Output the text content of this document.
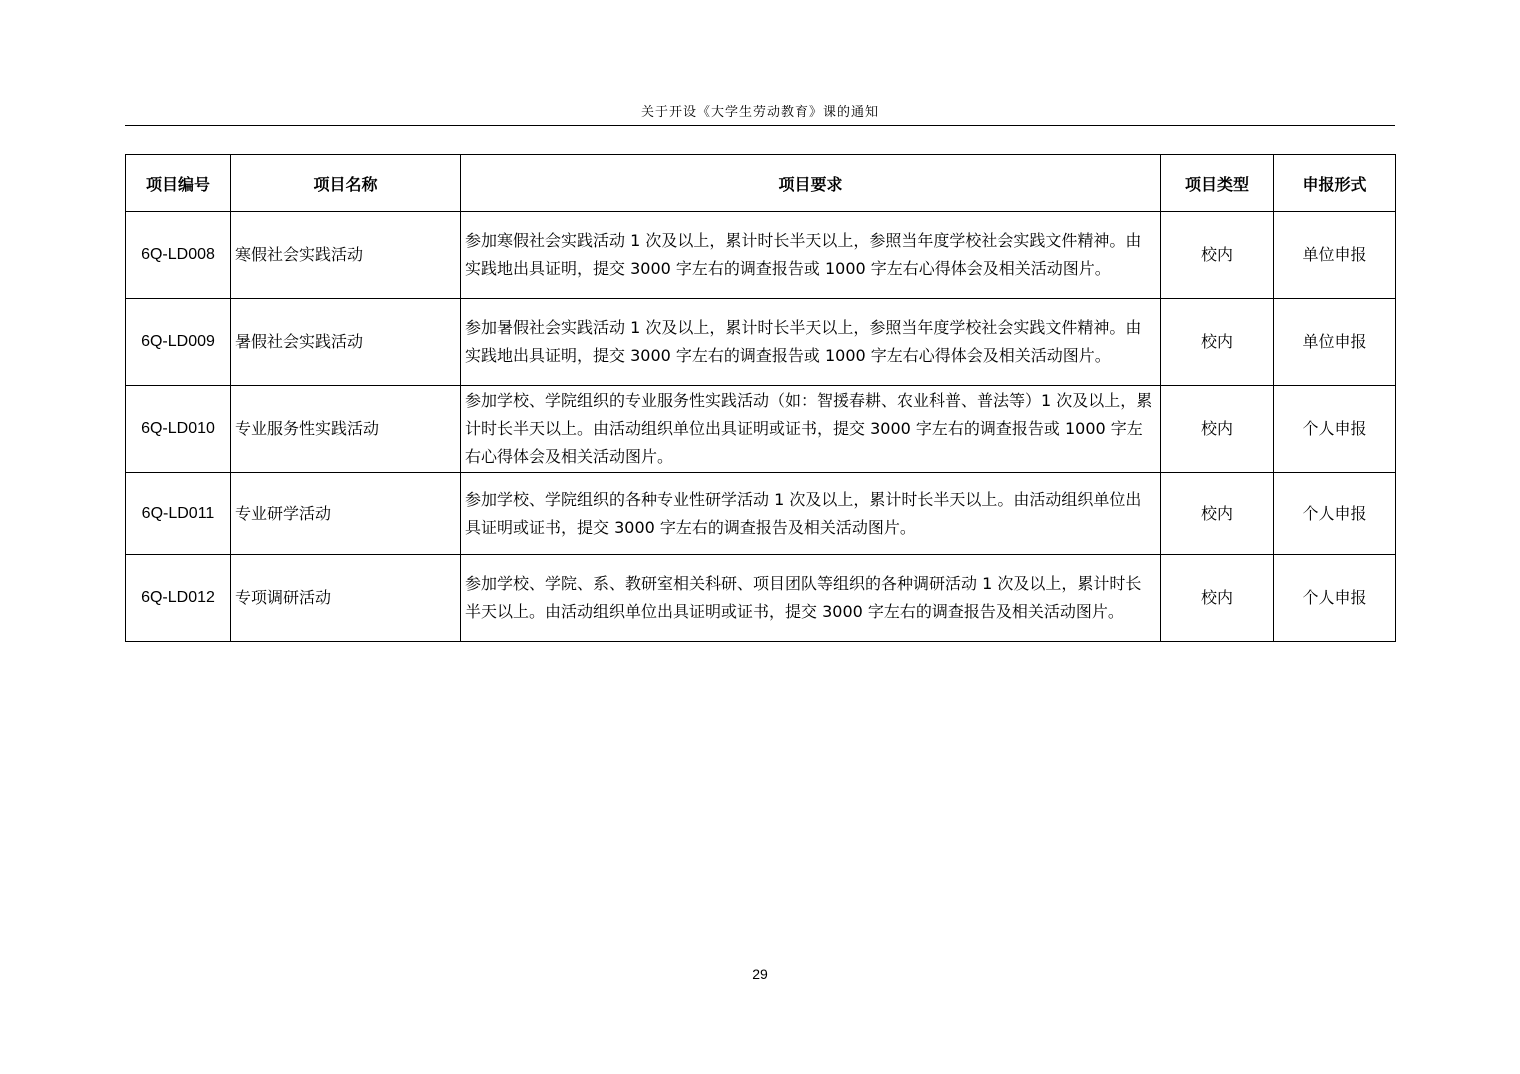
关于开设《大学生劳动教育》课的通知
项目编号	项目名称	项目要求	项目类型	申报形式
6Q-LD008	寒假社会实践活动	参加寒假社会实践活动 1 次及以上，累计时长半天以上，参照当年度学校社会实践文件精神。由实践地出具证明，提交 3000 字左右的调查报告或 1000 字左右心得体会及相关活动图片。	校内	单位申报
6Q-LD009	暑假社会实践活动	参加暑假社会实践活动 1 次及以上，累计时长半天以上，参照当年度学校社会实践文件精神。由实践地出具证明，提交 3000 字左右的调查报告或 1000 字左右心得体会及相关活动图片。	校内	单位申报
6Q-LD010	专业服务性实践活动	参加学校、学院组织的专业服务性实践活动（如：智援春耕、农业科普、普法等）1 次及以上，累计时长半天以上。由活动组织单位出具证明或证书，提交 3000 字左右的调查报告或 1000 字左右心得体会及相关活动图片。	校内	个人申报
6Q-LD011	专业研学活动	参加学校、学院组织的各种专业性研学活动 1 次及以上，累计时长半天以上。由活动组织单位出具证明或证书，提交 3000 字左右的调查报告及相关活动图片。	校内	个人申报
6Q-LD012	专项调研活动	参加学校、学院、系、教研室相关科研、项目团队等组织的各种调研活动 1 次及以上，累计时长半天以上。由活动组织单位出具证明或证书，提交 3000 字左右的调查报告及相关活动图片。	校内	个人申报
29
